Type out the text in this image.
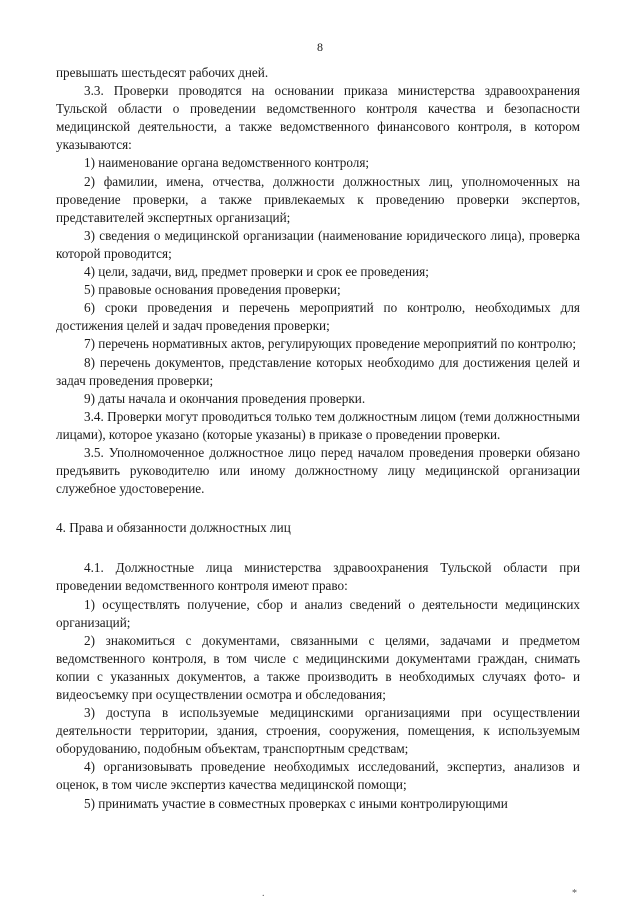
8

превышать шестьдесят рабочих дней.

3.3. Проверки проводятся на основании приказа министерства здравоохранения Тульской области о проведении ведомственного контроля качества и безопасности медицинской деятельности, а также ведомственного финансового контроля, в котором указываются:

1) наименование органа ведомственного контроля;

2) фамилии, имена, отчества, должности должностных лиц, уполномоченных на проведение проверки, а также привлекаемых к проведению проверки экспертов, представителей экспертных организаций;

3) сведения о медицинской организации (наименование юридического лица), проверка которой проводится;

4) цели, задачи, вид, предмет проверки и срок ее проведения;

5) правовые основания проведения проверки;

6) сроки проведения и перечень мероприятий по контролю, необходимых для достижения целей и задач проведения проверки;

7) перечень нормативных актов, регулирующих проведение мероприятий по контролю;

8) перечень документов, представление которых необходимо для достижения целей и задач проведения проверки;

9) даты начала и окончания проведения проверки.

3.4. Проверки могут проводиться только тем должностным лицом (теми должностными лицами), которое указано (которые указаны) в приказе о проведении проверки.

3.5. Уполномоченное должностное лицо перед началом проведения проверки обязано предъявить руководителю или иному должностному лицу медицинской организации служебное удостоверение.

4. Права и обязанности должностных лиц

4.1. Должностные лица министерства здравоохранения Тульской области при проведении ведомственного контроля имеют право:

1) осуществлять получение, сбор и анализ сведений о деятельности медицинских организаций;

2) знакомиться с документами, связанными с целями, задачами и предметом ведомственного контроля, в том числе с медицинскими документами граждан, снимать копии с указанных документов, а также производить в необходимых случаях фото- и видеосъемку при осуществлении осмотра и обследования;

3) доступа в используемые медицинскими организациями при осуществлении деятельности территории, здания, строения, сооружения, помещения, к используемым оборудованию, подобным объектам, транспортным средствам;

4) организовывать проведение необходимых исследований, экспертиз, анализов и оценок, в том числе экспертиз качества медицинской помощи;

5) принимать участие в совместных проверках с иными контролирующими

.	*
